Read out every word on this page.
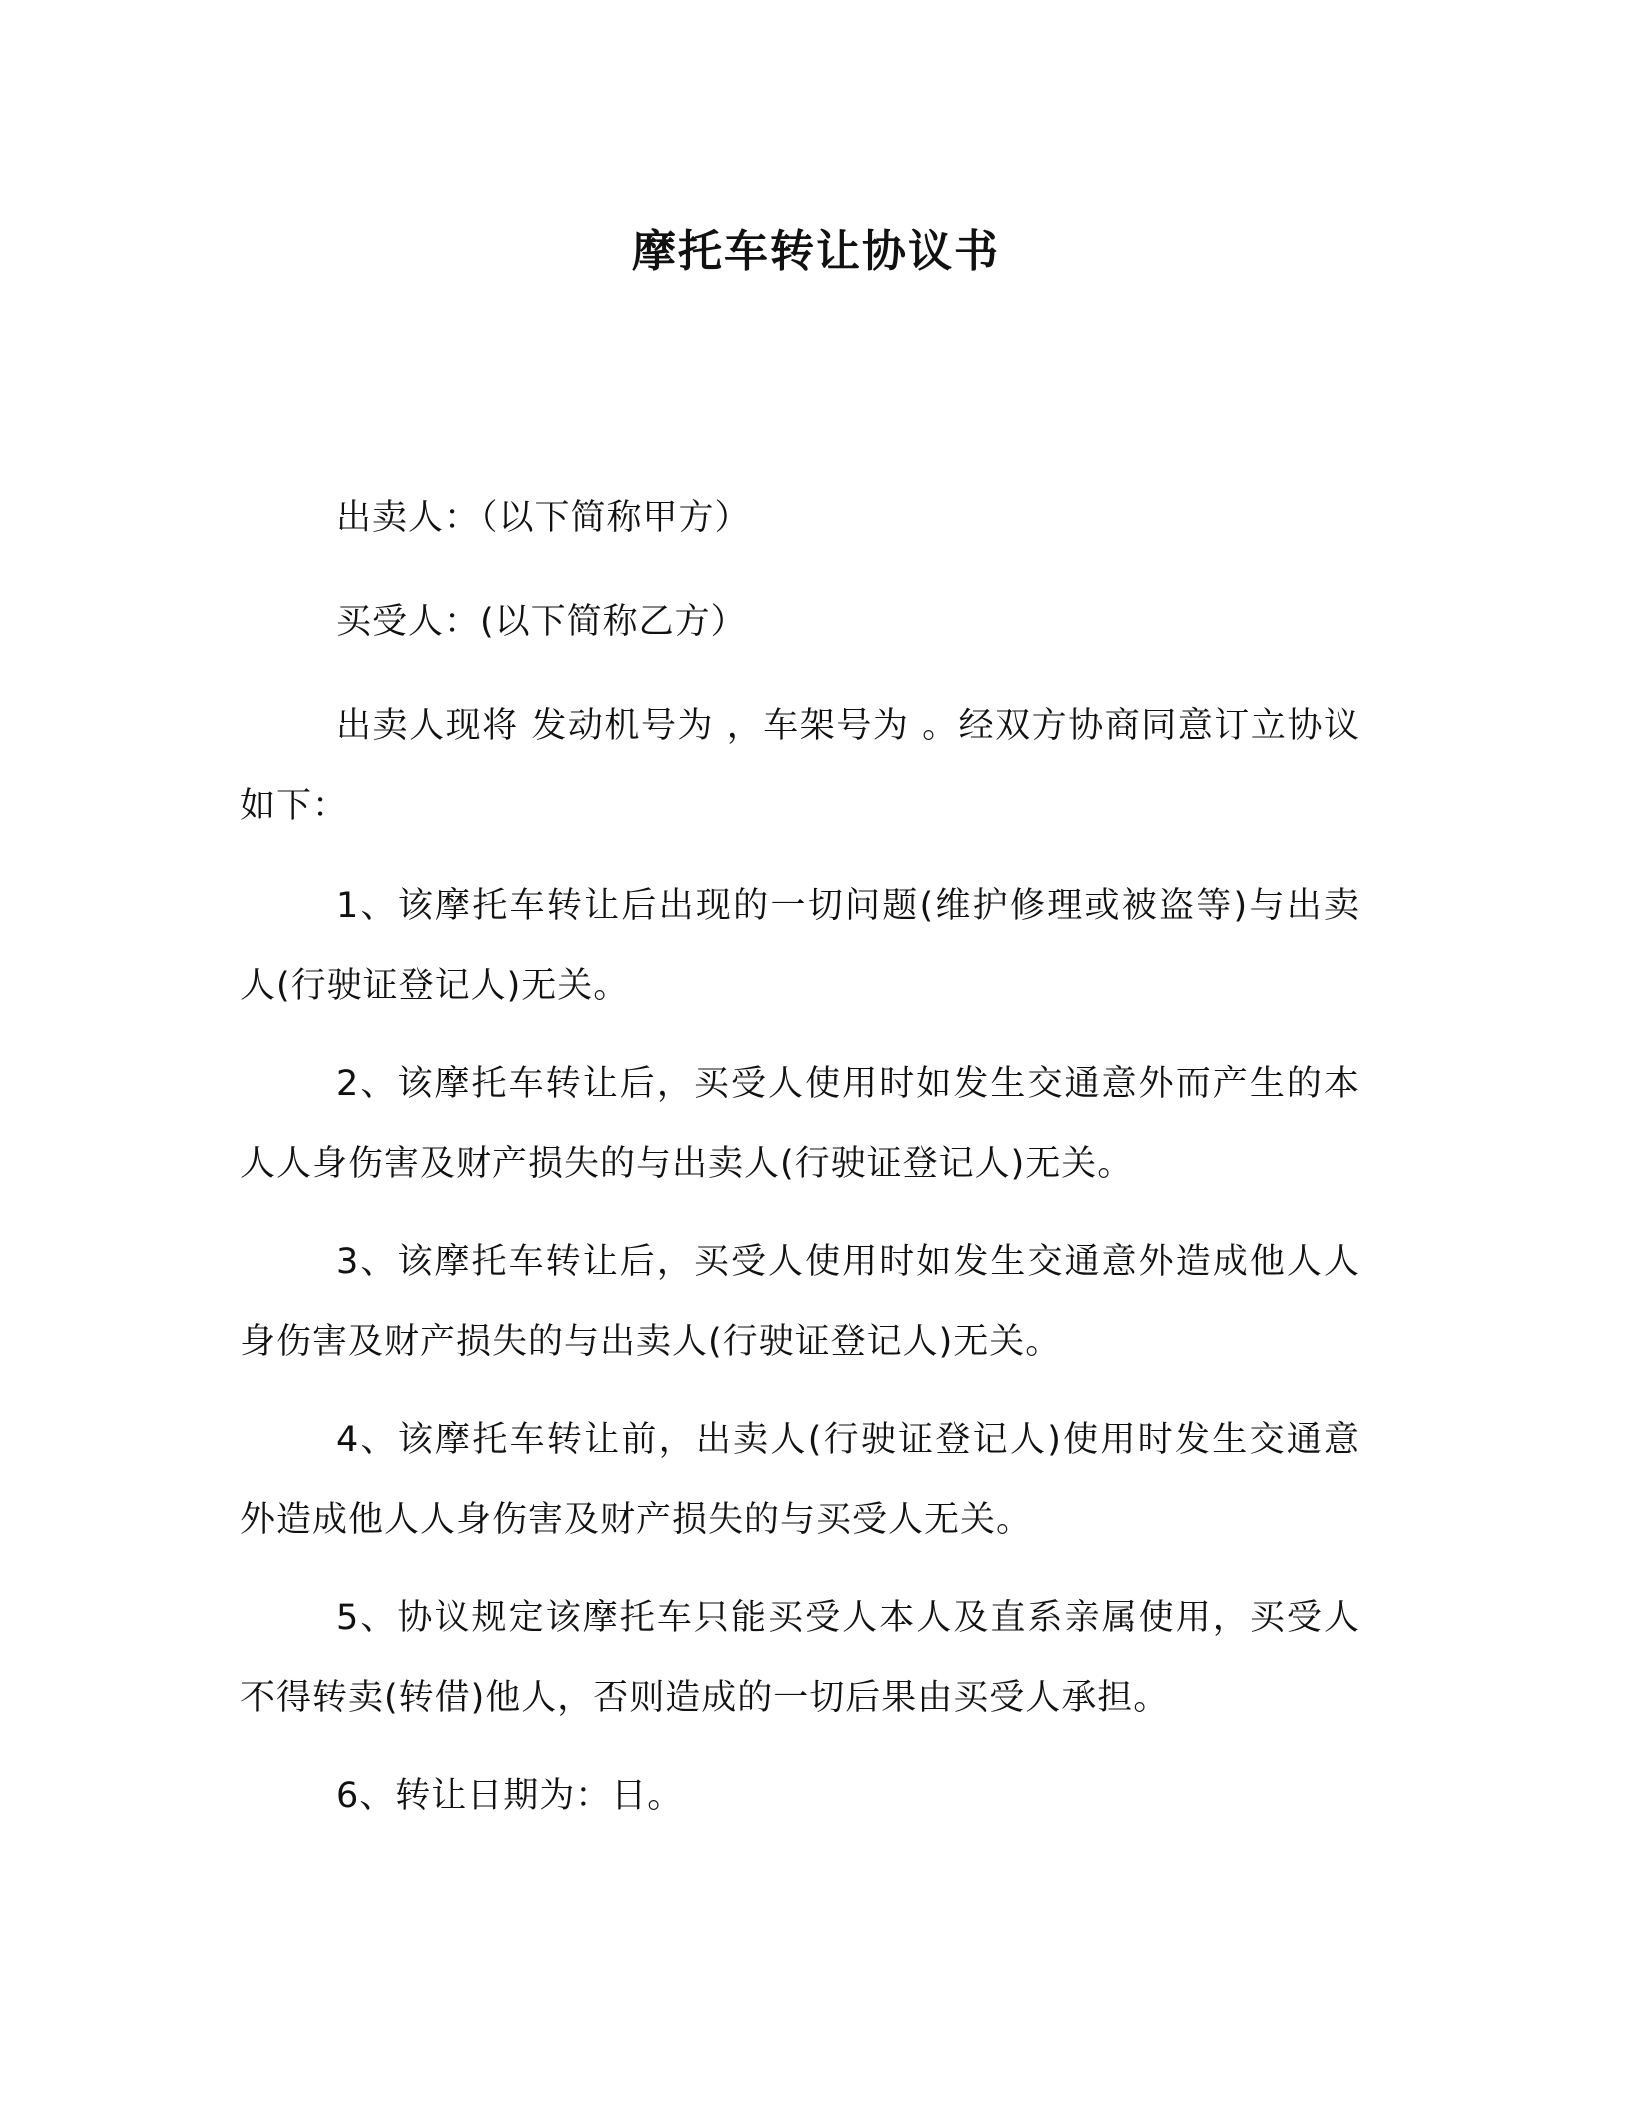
摩托车转让协议书

出卖人：（以下简称甲方）

买受人：(以下简称乙方）

出卖人现将 发动机号为 ，车架号为 。经双方协商同意订立协议如下：

1、该摩托车转让后出现的一切问题(维护修理或被盗等)与出卖人(行驶证登记人)无关。

2、该摩托车转让后，买受人使用时如发生交通意外而产生的本人人身伤害及财产损失的与出卖人(行驶证登记人)无关。

3、该摩托车转让后，买受人使用时如发生交通意外造成他人人身伤害及财产损失的与出卖人(行驶证登记人)无关。

4、该摩托车转让前，出卖人(行驶证登记人)使用时发生交通意外造成他人人身伤害及财产损失的与买受人无关。

5、协议规定该摩托车只能买受人本人及直系亲属使用，买受人不得转卖(转借)他人，否则造成的一切后果由买受人承担。

6、转让日期为：日。
